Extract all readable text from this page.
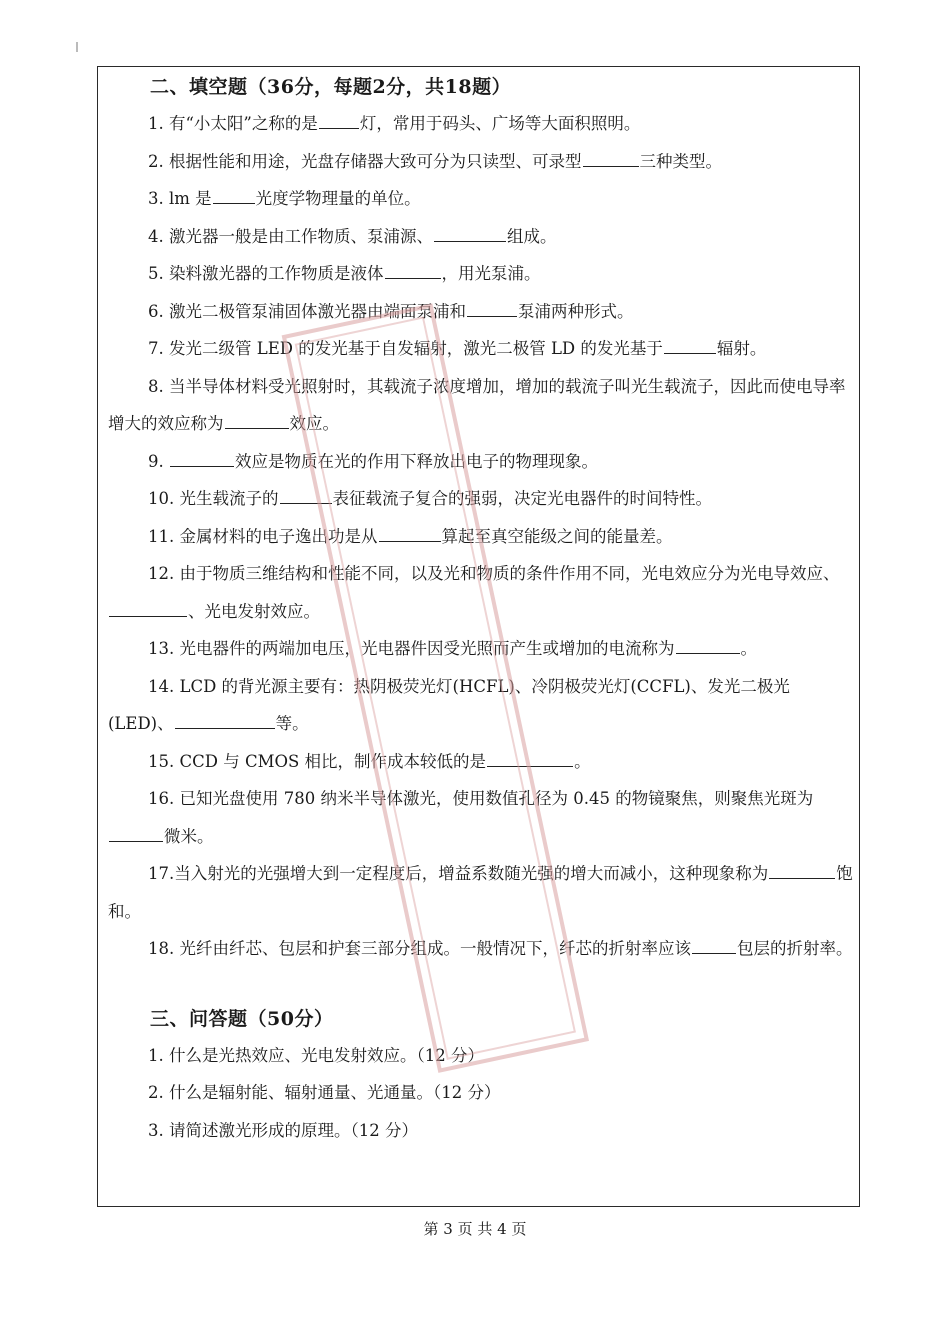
二、填空题（36分，每题2分，共18题）

1. 有“小太阳”之称的是	灯，常用于码头、广场等大面积照明。

2. 根据性能和用途，光盘存储器大致可分为只读型、可录型	三种类型。

3. lm 是	光度学物理量的单位。

4. 激光器一般是由工作物质、泵浦源、	组成。

5. 染料激光器的工作物质是液体	，用光泵浦。

6. 激光二极管泵浦固体激光器由端面泵浦和	泵浦两种形式。

7. 发光二级管 LED 的发光基于自发辐射，激光二极管 LD 的发光基于	辐射。

8. 当半导体材料受光照射时，其载流子浓度增加，增加的载流子叫光生载流子，因此而使电导率增大的效应称为	效应。

9.	效应是物质在光的作用下释放出电子的物理现象。

10. 光生载流子的	表征载流子复合的强弱，决定光电器件的时间特性。

11. 金属材料的电子逸出功是从	算起至真空能级之间的能量差。

12. 由于物质三维结构和性能不同，以及光和物质的条件作用不同，光电效应分为光电导效应、、光电发射效应。

13. 光电器件的两端加电压，光电器件因受光照而产生或增加的电流称为	。

14. LCD 的背光源主要有：热阴极荧光灯(HCFL)、冷阴极荧光灯(CCFL)、发光二极光(LED)、	等。

15. CCD 与 CMOS 相比，制作成本较低的是	。

16. 已知光盘使用 780 纳米半导体激光，使用数值孔径为 0.45 的物镜聚焦，则聚焦光斑为微米。

17.当入射光的光强增大到一定程度后，增益系数随光强的增大而减小，这种现象称为	饱和。

18. 光纤由纤芯、包层和护套三部分组成。一般情况下，纤芯的折射率应该	包层的折射率。

三、问答题（50分）

1. 什么是光热效应、光电发射效应。（12 分）

2. 什么是辐射能、辐射通量、光通量。（12 分）

3. 请简述激光形成的原理。（12 分）

第 3 页 共 4 页
